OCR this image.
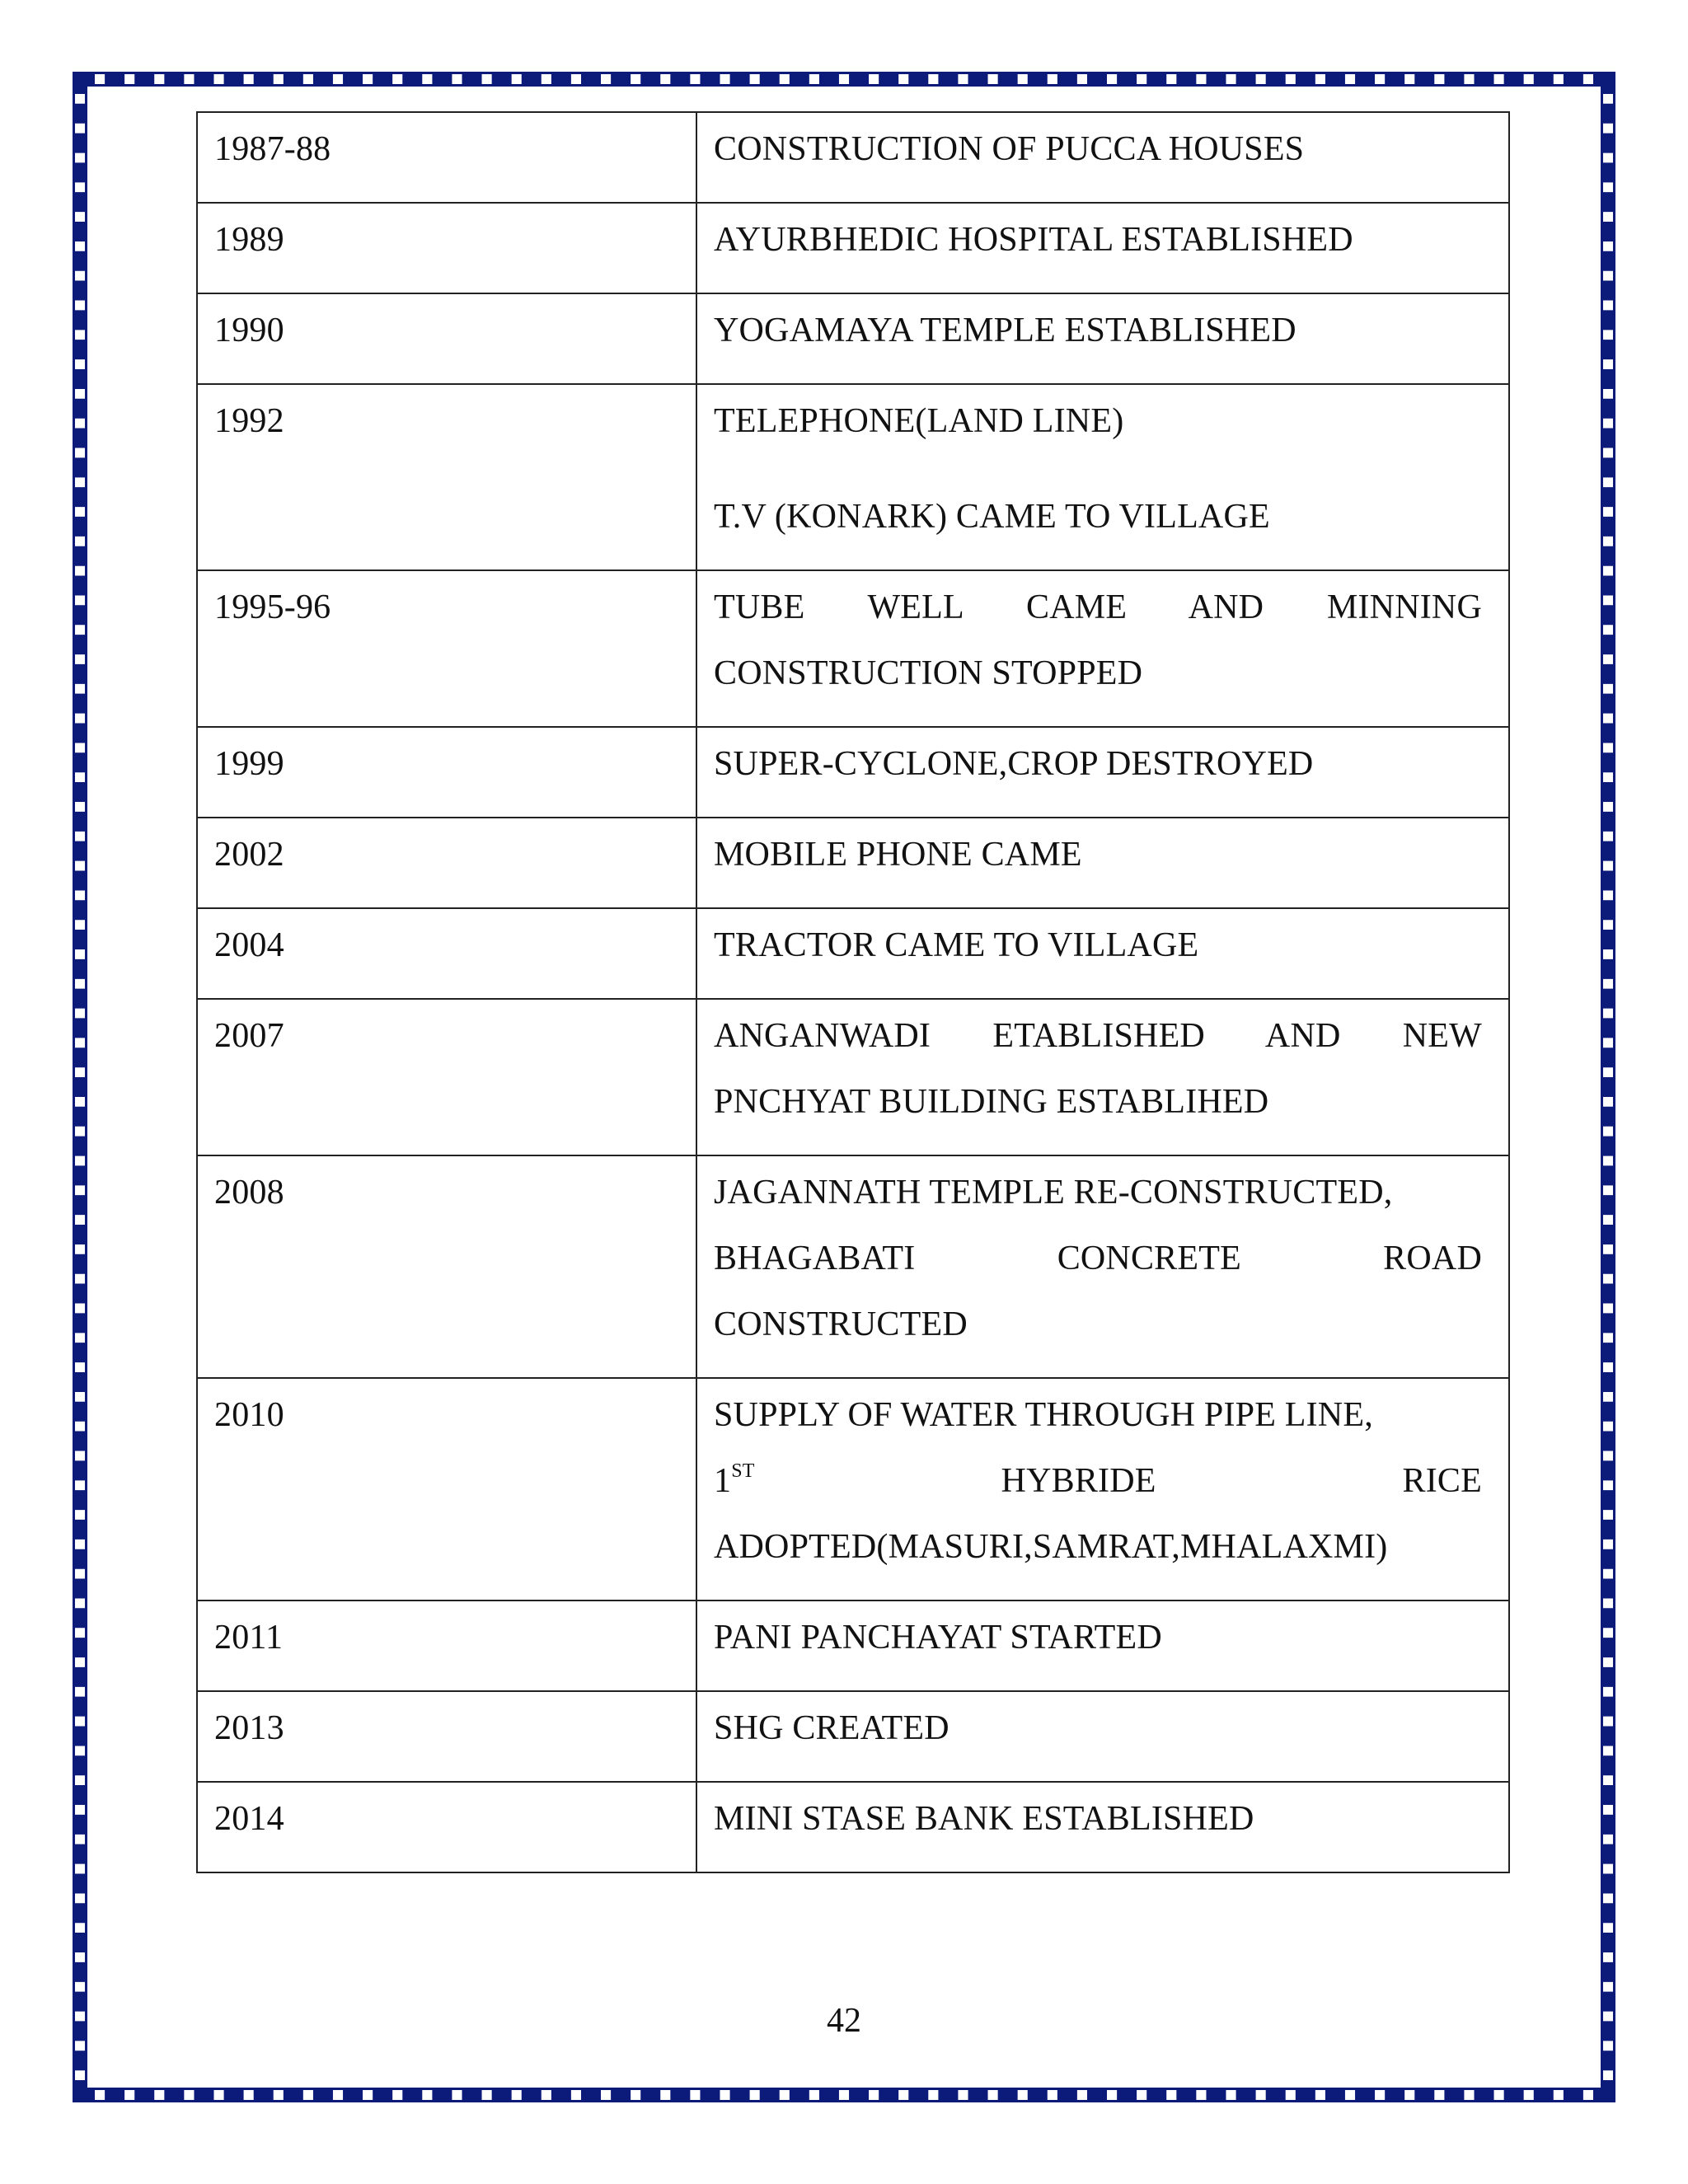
1987-88	CONSTRUCTION OF PUCCA HOUSES

1989	AYURBHEDIC HOSPITAL ESTABLISHED

1990	YOGAMAYA TEMPLE ESTABLISHED

1992	TELEPHONE(LAND LINE)
T.V (KONARK) CAME TO VILLAGE

1995-96	TUBE WELL CAME AND MINNING
CONSTRUCTION STOPPED

1999	SUPER-CYCLONE,CROP DESTROYED

2002	MOBILE PHONE CAME

2004	TRACTOR CAME TO VILLAGE

2007	ANGANWADI ETABLISHED AND NEW
PNCHYAT BUILDING ESTABLIHED

2008	JAGANNATH TEMPLE RE-CONSTRUCTED,
BHAGABATI CONCRETE ROAD
CONSTRUCTED

2010	SUPPLY OF WATER THROUGH PIPE LINE,
1ST HYBRIDE RICE
ADOPTED(MASURI,SAMRAT,MHALAXMI)

2011	PANI PANCHAYAT STARTED

2013	SHG CREATED

2014	MINI STASE BANK ESTABLISHED
42
